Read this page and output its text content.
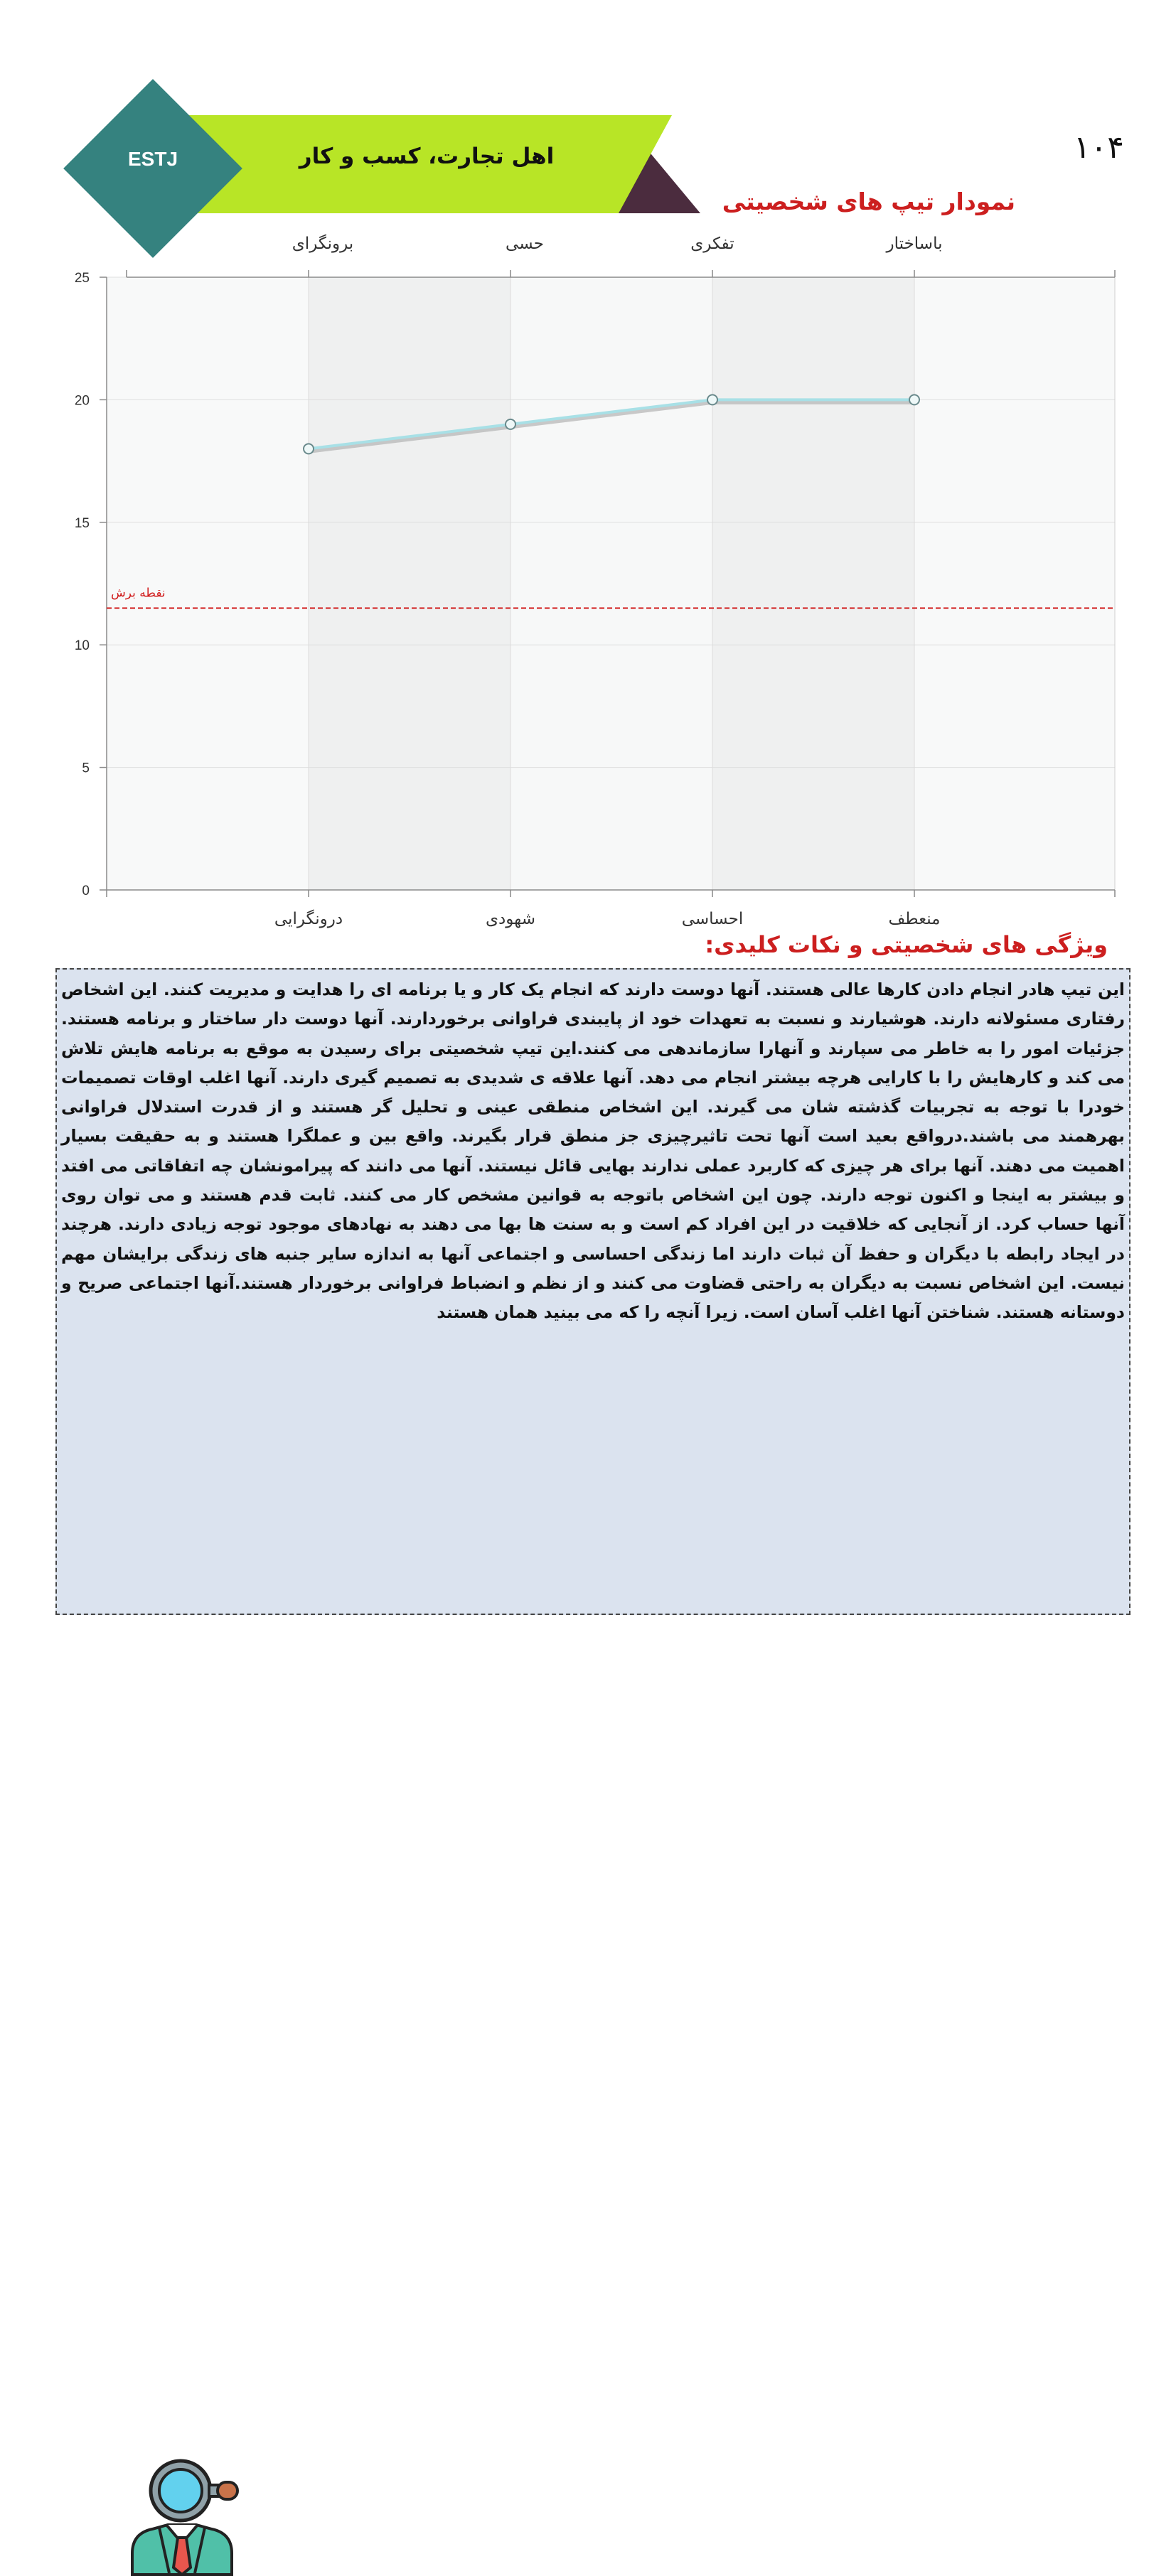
۱۰۴
ESTJ	اهل تجارت، کسب و کار
نمودار تیپ های شخصیتی
نقطه برش
0
5
10
15
20
25
درونگرایی	شهودی	احساسی	منعطف
برونگرای	حسی	تفکری	باساختار
ویژگی های شخصیتی و نکات کلیدی:

این تیپ هادر انجام دادن کارها عالی هستند. آنها دوست دارند که انجام یک کار و یا برنامه ای را هدایت و مدیریت کنند. این اشخاص رفتاری مسئولانه دارند. هوشیارند و نسبت به تعهدات خود از پایبندی فراوانی برخوردارند. آنها دوست دار ساختار و برنامه هستند. جزئیات امور را به خاطر می سپارند و آنهارا سازماندهی می کنند.این تیپ شخصیتی برای رسیدن به موقع به برنامه هایش تلاش می کند و کارهایش را با کارایی هرچه بیشتر انجام می دهد. آنها علاقه ی شدیدی به تصمیم گیری دارند. آنها اغلب اوقات تصمیمات خودرا با توجه به تجربیات گذشته شان می گیرند. این اشخاص منطقی عینی و تحلیل گر هستند و از قدرت استدلال فراوانی بهرهمند می باشند.درواقع بعید است آنها تحت تاثیرچیزی جز منطق قرار بگیرند. واقع بین و عملگرا هستند و به حقیقت بسیار اهمیت می دهند. آنها برای هر چیزی که کاربرد عملی ندارند بهایی قائل نیستند. آنها می دانند که پیرامونشان چه اتفاقاتی می افتد و بیشتر به اینجا و اکنون توجه دارند. چون این اشخاص باتوجه به قوانین مشخص کار می کنند. ثابت قدم هستند و می توان روی آنها حساب کرد. از آنجایی که خلاقیت در این افراد کم است و به سنت ها بها می دهند به نهادهای موجود توجه زیادی دارند. هرچند در ایجاد رابطه با دیگران و حفظ آن ثبات دارند اما زندگی احساسی و اجتماعی آنها به اندازه سایر جنبه های زندگی برایشان مهم نیست. این اشخاص نسبت به دیگران به راحتی قضاوت می کنند و از نظم و انضباط فراوانی برخوردار هستند.آنها اجتماعی صریح و دوستانه هستند. شناختن آنها اغلب آسان است. زیرا آنچه را که می بینید همان هستند
